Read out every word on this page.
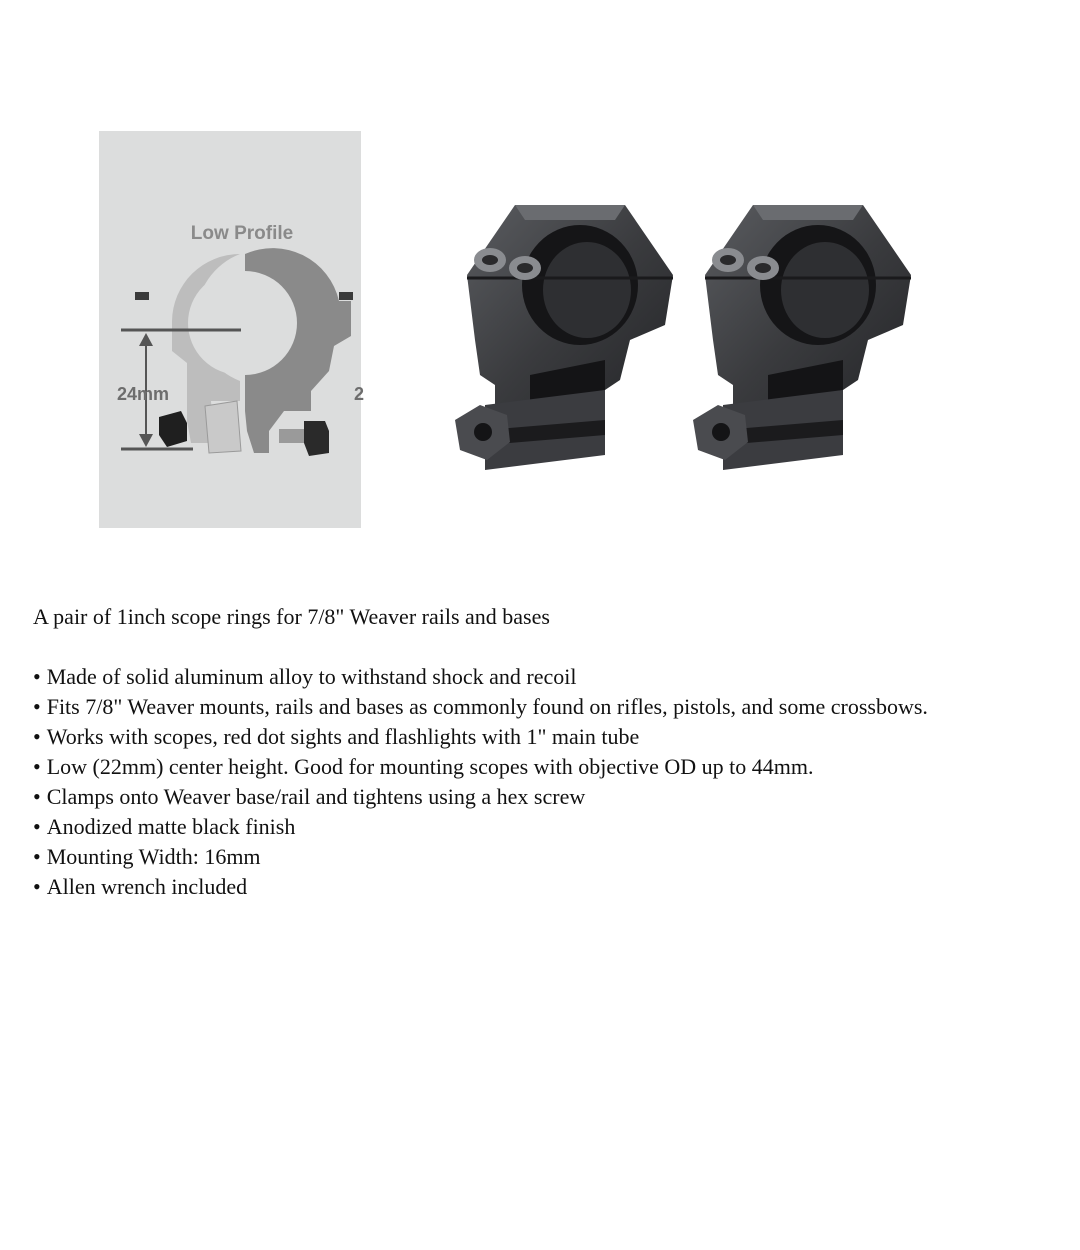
Low Profile
24mm	2

A pair of 1inch scope rings for 7/8" Weaver rails and bases

• Made of solid aluminum alloy to withstand shock and recoil
• Fits 7/8" Weaver mounts, rails and bases as commonly found on rifles, pistols, and some crossbows.
• Works with scopes, red dot sights and flashlights with 1" main tube
• Low (22mm) center height. Good for mounting scopes with objective OD up to 44mm.
• Clamps onto Weaver base/rail and tightens using a hex screw
• Anodized matte black finish
• Mounting Width: 16mm
• Allen wrench included
